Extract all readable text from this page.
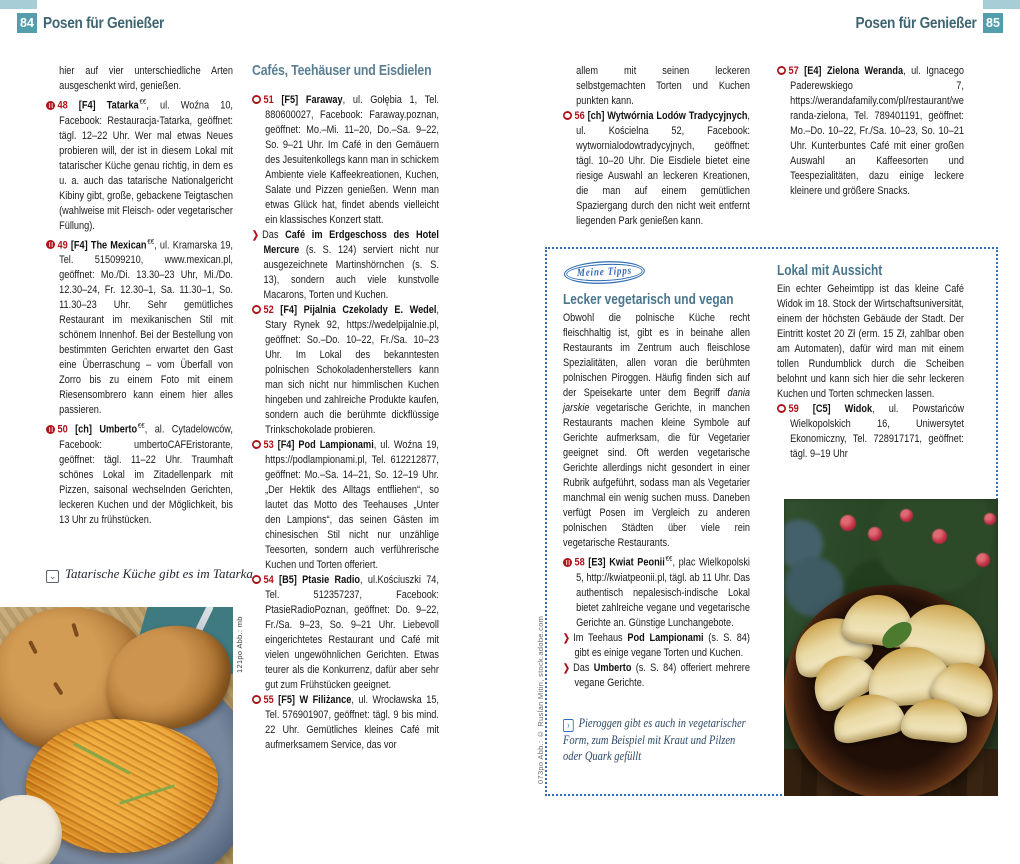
84 Posen für Genießer	85
Posen für Genießer

hier auf vier unterschiedliche Arten ausgeschenkt wird, genießen.

48 [F4] Tatarka€€, ul. Woźna 10, Facebook: Restauracja-Tatarka, geöffnet: tägl. 12–22 Uhr. Wer mal etwas Neues probieren will, der ist in diesem Lokal mit tatarischer Küche genau richtig, in dem es u. a. auch das tatarische Nationalgericht Kibiny gibt, große, gebackene Teigtaschen (wahlweise mit Fleisch- oder vegetarischer Füllung).

49 [F4] The Mexican€€, ul. Kramarska 19, Tel. 515099210, www.mexican.pl, geöffnet: Mo./Di. 13.30–23 Uhr, Mi./Do. 12.30–24, Fr. 12.30–1, Sa. 11.30–1, So. 11.30–23 Uhr. Sehr gemütliches Restaurant im mexikanischen Stil mit schönem Innenhof. Bei der Bestellung von bestimmten Gerichten erwartet den Gast eine Überraschung – vom Überfall von Zorro bis zu einem Foto mit einem Riesensombrero kann einem hier alles passieren.

50 [ch] Umberto€€, al. Cytadelowców, Facebook: umbertoCAFEristorante, geöffnet: tägl. 11–22 Uhr. Traumhaft schönes Lokal im Zitadellenpark mit Pizzen, saisonal wechselnden Gerichten, leckeren Kuchen und der Möglichkeit, bis 13 Uhr zu frühstücken.

Cafés, Teehäuser und Eisdielen

51 [F5] Faraway, ul. Gołębia 1, Tel. 880600027, Facebook: Faraway.poznan, geöffnet: Mo.–Mi. 11–20, Do.–Sa. 9–22, So. 9–21 Uhr. Im Café in den Gemäuern des Jesuitenkollegs kann man in schickem Ambiente viele Kaffeekreationen, Kuchen, Salate und Pizzen genießen. Wenn man etwas Glück hat, findet abends vielleicht ein klassisches Konzert statt.

❯ Das Café im Erdgeschoss des Hotel Mercure (s. S. 124) serviert nicht nur ausgezeichnete Martinshörnchen (s. S. 13), sondern auch viele kunstvolle Macarons, Torten und Kuchen.

52 [F4] Pijalnia Czekolady E. Wedel, Stary Rynek 92, https://wedelpijalnie.pl, geöffnet: So.–Do. 10–22, Fr./Sa. 10–23 Uhr. Im Lokal des bekanntesten polnischen Schokoladenherstellers kann man sich nicht nur himmlischen Kuchen hingeben und zahlreiche Produkte kaufen, sondern auch die berühmte dickflüssige Trinkschokolade probieren.

53 [F4] Pod Lampionami, ul. Woźna 19, https://podlampionami.pl, Tel. 612212877, geöffnet: Mo.–Sa. 14–21, So. 12–19 Uhr. „Der Hektik des Alltags entfliehen“, so lautet das Motto des Teehauses „Unter den Lampions“, das seinen Gästen im chinesischen Stil nicht nur unzählige Teesorten, sondern auch verführerische Kuchen und Torten offeriert.

54 [B5] Ptasie Radio, ul.Kościuszki 74, Tel. 512357237, Facebook: PtasieRadioPoznan, geöffnet: Do. 9–22, Fr./Sa. 9–23, So. 9–21 Uhr. Liebevoll eingerichtetes Restaurant und Café mit vielen ungewöhnlichen Gerichten. Etwas teurer als die Konkurrenz, dafür aber sehr gut zum Frühstücken geeignet.

55 [F5] W Filiżance, ul. Wrocławska 15, Tel. 576901907, geöffnet: tägl. 9 bis mind. 22 Uhr. Gemütliches kleines Café mit aufmerksamem Service, das vor

allem mit seinen leckeren selbstgemachten Torten und Kuchen punkten kann.

56 [ch] Wytwórnia Lodów Tradycyjnych, ul. Kościelna 52, Facebook: wytwornialodowtradycyjnych, geöffnet: tägl. 10–20 Uhr. Die Eisdiele bietet eine riesige Auswahl an leckeren Kreationen, die man auf einem gemütlichen Spaziergang durch den nicht weit entfernt liegenden Park genießen kann.

57 [E4] Zielona Weranda, ul. Ignacego Paderewskiego 7, https://werandafamily.com/pl/restaurant/weranda-zielona, Tel. 789401191, geöffnet: Mo.–Do. 10–22, Fr./Sa. 10–23, So. 10–21 Uhr. Kunterbuntes Café mit einer großen Auswahl an Kaffeesorten und Teespezialitäten, dazu einige leckere kleinere und größere Snacks.

⌄ Tatarische Küche gibt es im Tatarka
121po Abb.: mb
Meine Tipps
Lecker vegetarisch und vegan

Obwohl die polnische Küche recht fleischhaltig ist, gibt es in beinahe allen Restaurants im Zentrum auch fleischlose Spezialitäten, allen voran die berühmten polnischen Piroggen. Häufig finden sich auf der Speisekarte unter dem Begriff dania jarskie vegetarische Gerichte, in manchen Restaurants machen kleine Symbole auf Gerichte aufmerksam, die für Vegetarier geeignet sind. Oft werden vegetarische Gerichte allerdings nicht gesondert in einer Rubrik aufgeführt, sodass man als Vegetarier manchmal ein wenig suchen muss. Daneben verfügt Posen im Vergleich zu anderen polnischen Städten über viele rein vegetarische Restaurants.

58 [E3] Kwiat Peonii€€, plac Wielkopolski 5, http://kwiatpeonii.pl, tägl. ab 11 Uhr. Das authentisch nepalesisch-indische Lokal bietet zahlreiche vegane und vegetarische Gerichte an. Günstige Lunchangebote.

❯ Im Teehaus Pod Lampionami (s. S. 84) gibt es einige vegane Torten und Kuchen.

❯ Das Umberto (s. S. 84) offeriert mehrere vegane Gerichte.

› Pieroggen gibt es auch in vegetarischer Form, zum Beispiel mit Kraut und Pilzen oder Quark gefüllt

Lokal mit Aussicht

Ein echter Geheimtipp ist das kleine Café Widok im 18. Stock der Wirtschaftsuniversität, einem der höchsten Gebäude der Stadt. Der Eintritt kostet 20 Zł (erm. 15 Zł, zahlbar oben am Automaten), dafür wird man mit einem tollen Rundumblick durch die Scheiben belohnt und kann sich hier die sehr leckeren Kuchen und Torten schmecken lassen.

59 [C5] Widok, ul. Powstańców Wielkopolskich 16, Uniwersytet Ekonomiczny, Tel. 728917171, geöffnet: tägl. 9–19 Uhr

073po Abb.: © Ruslan Mitin, stock.adobe.com
